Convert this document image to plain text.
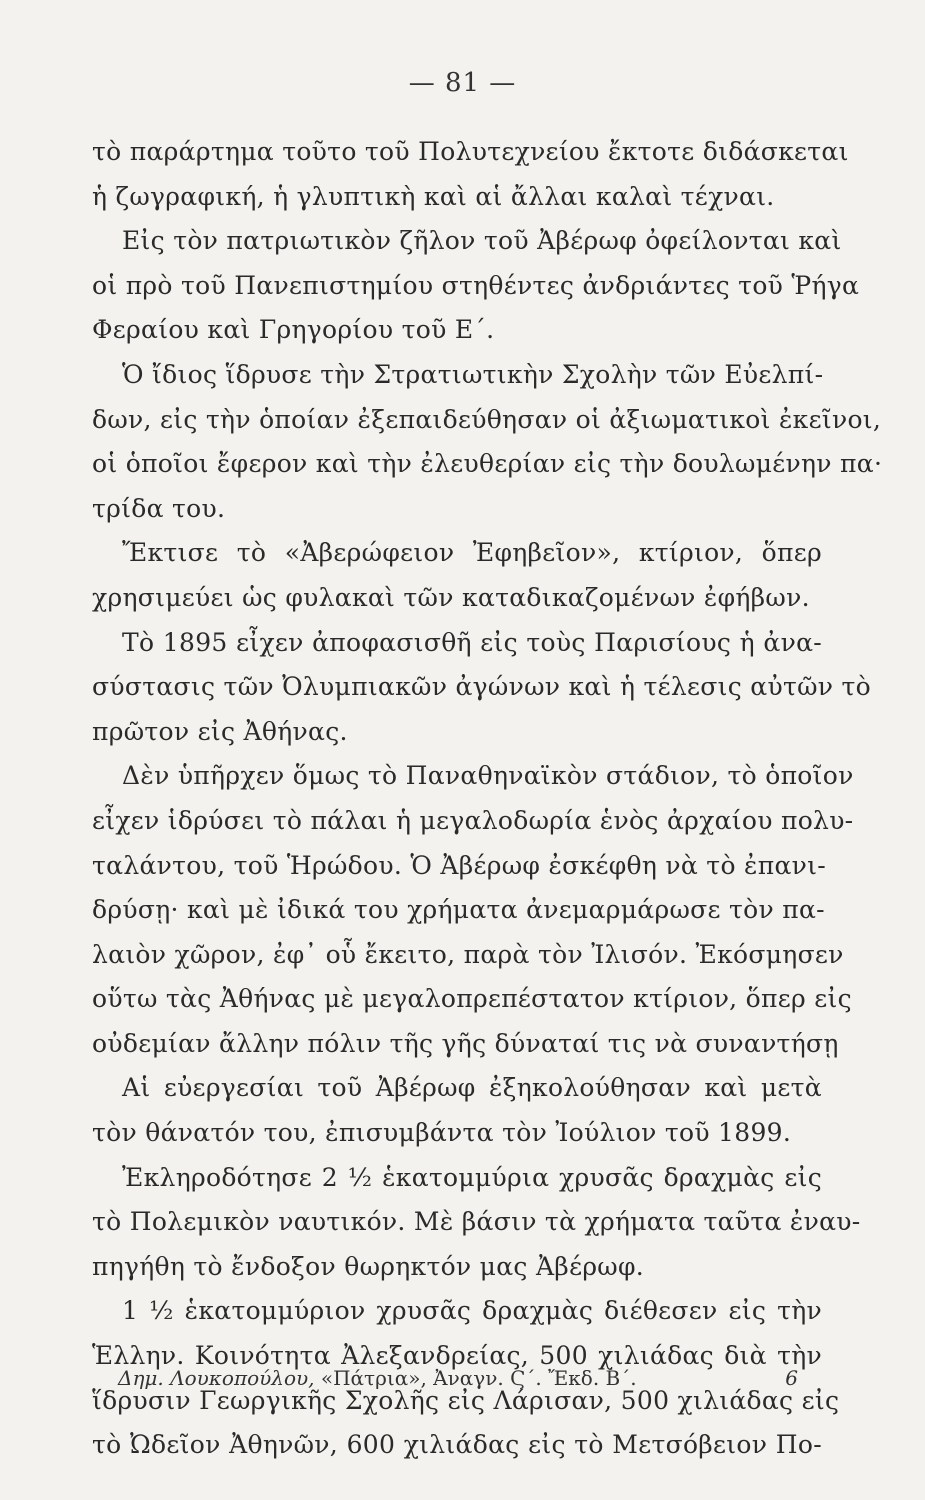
— 81 —
τὸ παράρτημα τοῦτο τοῦ Πολυτεχνείου ἔκτοτε διδάσκεται
ἡ ζωγραφική, ἡ γλυπτικὴ καὶ αἱ ἄλλαι καλαὶ τέχναι.
Εἰς τὸν πατριωτικὸν ζῆλον τοῦ Ἀβέρωφ ὀφείλονται καὶ
οἱ πρὸ τοῦ Πανεπιστημίου στηθέντες ἀνδριάντες τοῦ Ῥήγα
Φεραίου καὶ Γρηγορίου τοῦ Ε΄.
Ὁ ἴδιος ἵδρυσε τὴν Στρατιωτικὴν Σχολὴν τῶν Εὐελπί-
δων, εἰς τὴν ὁποίαν ἐξεπαιδεύθησαν οἱ ἀξιωματικοὶ ἐκεῖνοι,
οἱ ὁποῖοι ἔφερον καὶ τὴν ἐλευθερίαν εἰς τὴν δουλωμένην πα·
τρίδα του.
Ἔκτισε τὸ «Ἀβερώφειον Ἐφηβεῖον», κτίριον, ὅπερ
χρησιμεύει ὡς φυλακαὶ τῶν καταδικαζομένων ἐφήβων.
Τὸ 1895 εἶχεν ἀποφασισθῆ εἰς τοὺς Παρισίους ἡ ἀνα-
σύστασις τῶν Ὀλυμπιακῶν ἀγώνων καὶ ἡ τέλεσις αὐτῶν τὸ
πρῶτον εἰς Ἀθήνας.
Δὲν ὑπῆρχεν ὅμως τὸ Παναθηναϊκὸν στάδιον, τὸ ὁποῖον
εἶχεν ἱδρύσει τὸ πάλαι ἡ μεγαλοδωρία ἑνὸς ἀρχαίου πολυ-
ταλάντου, τοῦ Ἡρώδου. Ὁ Ἀβέρωφ ἐσκέφθη νὰ τὸ ἐπανι-
δρύσῃ· καὶ μὲ ἰδικά του χρήματα ἀνεμαρμάρωσε τὸν πα-
λαιὸν χῶρον, ἐφ᾽ οὗ ἔκειτο, παρὰ τὸν Ἰλισόν. Ἐκόσμησεν
οὕτω τὰς Ἀθήνας μὲ μεγαλοπρεπέστατον κτίριον, ὅπερ εἰς
οὐδεμίαν ἄλλην πόλιν τῆς γῆς δύναταί τις νὰ συναντήσῃ
Αἱ εὐεργεσίαι τοῦ Ἀβέρωφ ἐξηκολούθησαν καὶ μετὰ
τὸν θάνατόν του, ἐπισυμβάντα τὸν Ἰούλιον τοῦ 1899.
Ἐκληροδότησε 2 ½ ἑκατομμύρια χρυσᾶς δραχμὰς εἰς
τὸ Πολεμικὸν ναυτικόν. Μὲ βάσιν τὰ χρήματα ταῦτα ἐναυ-
πηγήθη τὸ ἔνδοξον θωρηκτόν μας Ἀβέρωφ.
1 ½ ἑκατομμύριον χρυσᾶς δραχμὰς διέθεσεν εἰς τὴν
Ἑλλην. Κοινότητα Ἀλεξανδρείας, 500 χιλιάδας διὰ τὴν
ἵδρυσιν Γεωργικῆς Σχολῆς εἰς Λάρισαν, 500 χιλιάδας εἰς
τὸ Ὠδεῖον Ἀθηνῶν, 600 χιλιάδας εἰς τὸ Μετσόβειον Πο-
Δημ. Λουκοπούλου, «Πάτρια», Ἀναγν. Ϛ΄. Ἔκδ. Β΄.	6
